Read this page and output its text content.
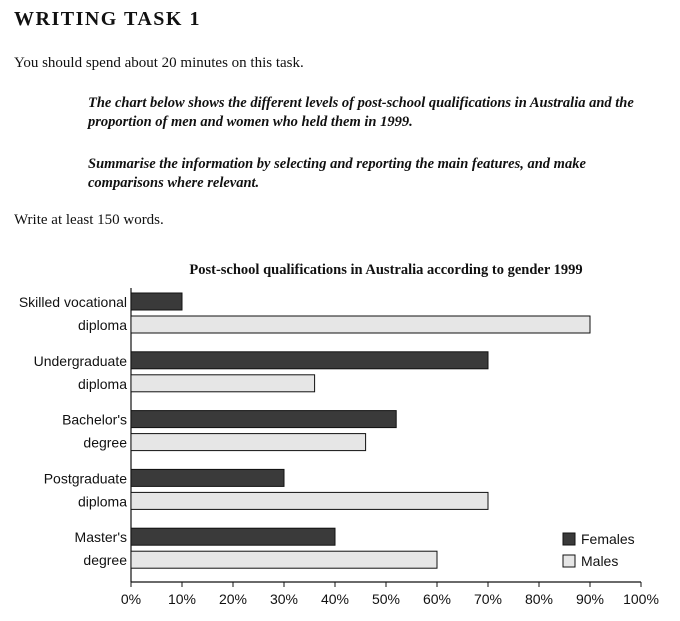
WRITING TASK 1
You should spend about 20 minutes on this task.
The chart below shows the different levels of post-school qualifications in Australia and the proportion of men and women who held them in 1999.
Summarise the information by selecting and reporting the main features, and make comparisons where relevant.
Write at least 150 words.
Post-school qualifications in Australia according to gender 1999
0% 10% 20% 30% 40% 50% 60% 70% 80% 90% 100%
Skilled vocational
diploma
Undergraduate
diploma
Bachelor's
degree
Postgraduate
diploma
Master's
degree
Females
Males
